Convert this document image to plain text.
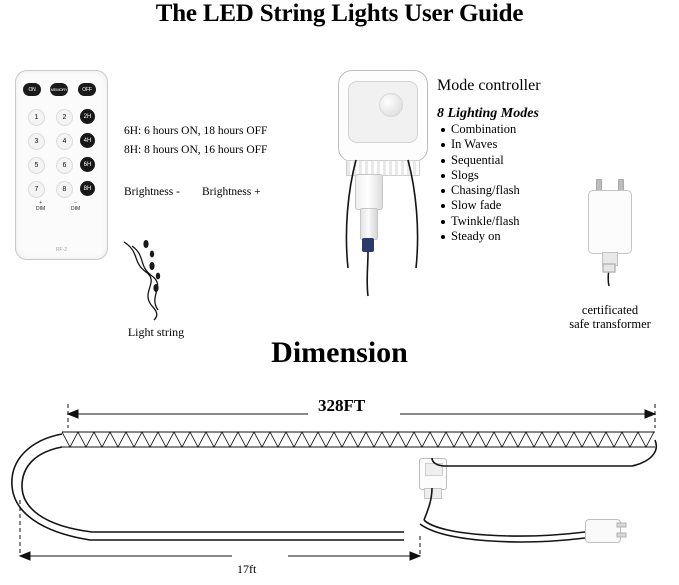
The LED String Lights User Guide
ON	MEMORY	OFF
1
3
5
7
2
4
6
8
2H
4H
6H
8H
+
DIM
−
DIM
RF-2
6H: 6 hours ON, 18 hours OFF
8H: 8 hours ON, 16 hours OFF
Brightness - Brightness +
Mode controller
8 Lighting Modes
Combination
In Waves
Sequential
Slogs
Chasing/flash
Slow fade
Twinkle/flash
Steady on
certificated
safe transformer
Light string
Dimension
328FT
17ft
